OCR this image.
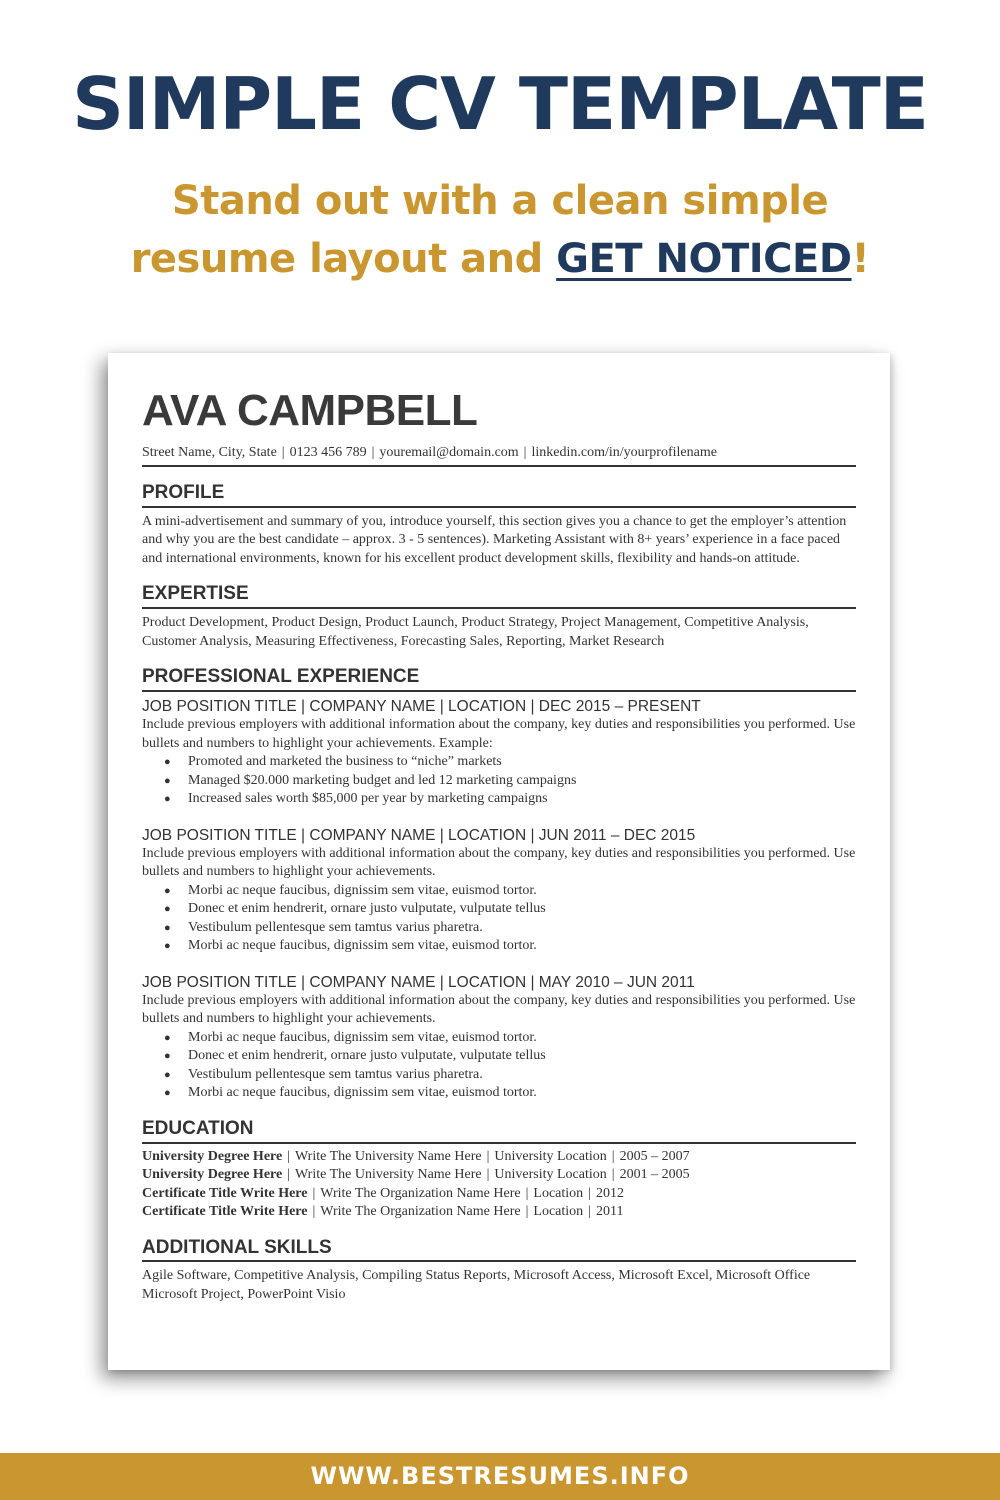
SIMPLE CV TEMPLATE
Stand out with a clean simple
resume layout and GET NOTICED!
AVA CAMPBELL
Street Name, City, State | 0123 456 789 | youremail@domain.com | linkedin.com/in/yourprofilename
PROFILE
A mini-advertisement and summary of you, introduce yourself, this section gives you a chance to get the employer’s attention and why you are the best candidate – approx. 3 - 5 sentences). Marketing Assistant with 8+ years’ experience in a face paced and international environments, known for his excellent product development skills, flexibility and hands-on attitude.
EXPERTISE
Product Development, Product Design, Product Launch, Product Strategy, Project Management, Competitive Analysis, Customer Analysis, Measuring Effectiveness, Forecasting Sales, Reporting, Market Research
PROFESSIONAL EXPERIENCE
JOB POSITION TITLE | COMPANY NAME | LOCATION | DEC 2015 – PRESENT
Include previous employers with additional information about the company, key duties and responsibilities you performed. Use bullets and numbers to highlight your achievements. Example:
● Promoted and marketed the business to “niche” markets
● Managed $20.000 marketing budget and led 12 marketing campaigns
● Increased sales worth $85,000 per year by marketing campaigns
JOB POSITION TITLE | COMPANY NAME | LOCATION | JUN 2011 – DEC 2015
Include previous employers with additional information about the company, key duties and responsibilities you performed. Use bullets and numbers to highlight your achievements.
● Morbi ac neque faucibus, dignissim sem vitae, euismod tortor.
● Donec et enim hendrerit, ornare justo vulputate, vulputate tellus
● Vestibulum pellentesque sem tamtus varius pharetra.
● Morbi ac neque faucibus, dignissim sem vitae, euismod tortor.
JOB POSITION TITLE | COMPANY NAME | LOCATION | MAY 2010 – JUN 2011
Include previous employers with additional information about the company, key duties and responsibilities you performed. Use bullets and numbers to highlight your achievements.
● Morbi ac neque faucibus, dignissim sem vitae, euismod tortor.
● Donec et enim hendrerit, ornare justo vulputate, vulputate tellus
● Vestibulum pellentesque sem tamtus varius pharetra.
● Morbi ac neque faucibus, dignissim sem vitae, euismod tortor.
EDUCATION
University Degree Here | Write The University Name Here | University Location | 2005 – 2007
University Degree Here | Write The University Name Here | University Location | 2001 – 2005
Certificate Title Write Here | Write The Organization Name Here | Location | 2012
Certificate Title Write Here | Write The Organization Name Here | Location | 2011
ADDITIONAL SKILLS
Agile Software, Competitive Analysis, Compiling Status Reports, Microsoft Access, Microsoft Excel, Microsoft Office Microsoft Project, PowerPoint Visio
WWW.BESTRESUMES.INFO
